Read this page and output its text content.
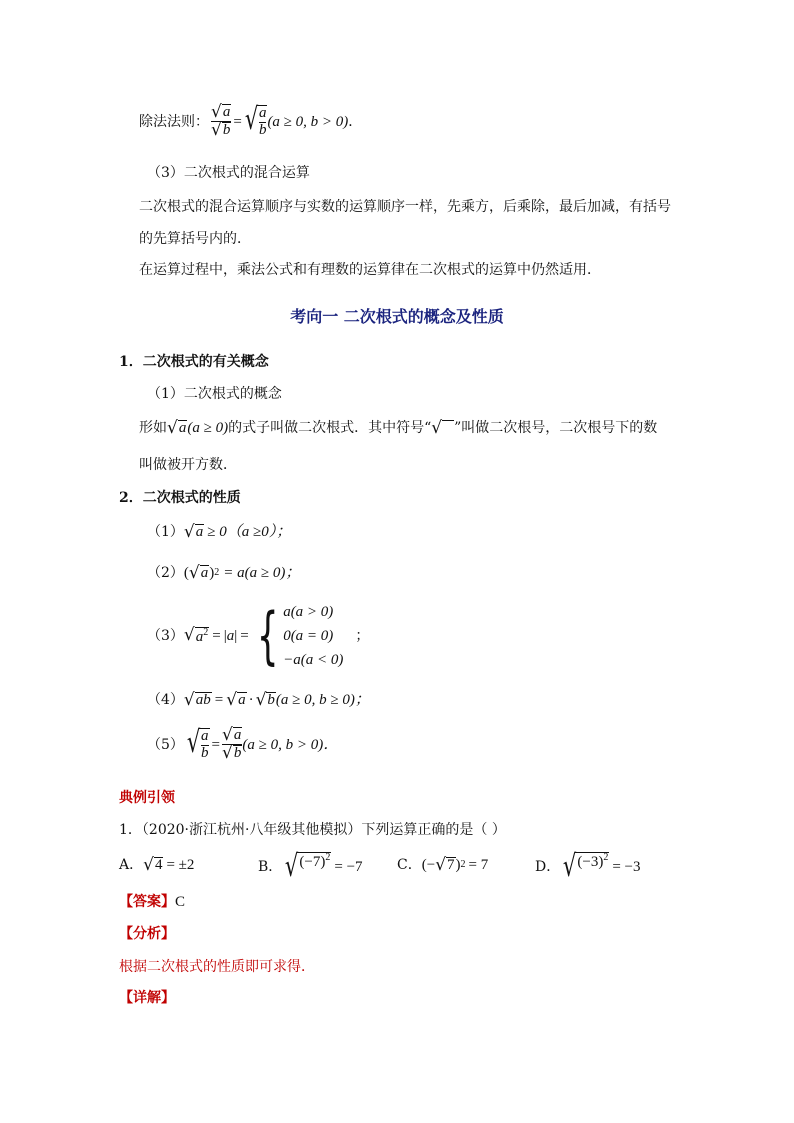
除法法则： $\frac{√ a}{√ b}$ = √ $\frac{a}{b} (a \ge 0$, b > 0) ．
（3）二次根式的混合运算
二次根式的混合运算顺序与实数的运算顺序一样，先乘方，后乘除，最后加减，有括号
的先算括号内的．
在运算过程中，乘法公式和有理数的运算律在二次根式的运算中仍然适用．
考向一 二次根式的概念及性质
1．二次根式的有关概念
（1）二次根式的概念
形如 √ a (a ≥ 0) 的式子叫做二次根式．其中符号“ √ ”叫做二次根号，二次根号下的数
叫做被开方数．
2．二次根式的性质
（1） √ a ≥ 0（a ≥0）；
（2） ( √ a ) 2 = a(a ≥ 0)；
（3） √ $a^2$ = | a | = { a(a > 0)
0(a = 0)
−a(a < 0)
；
（4） √ ab = √ a · √ b (a ≥ 0, b ≥ 0)；
（5） √ $\frac{a}{b} = \frac{√ a}{√ b} (a \ge 0$, b > 0)．
典例引领
1．（2020·浙江杭州·八年级其他模拟）下列运算正确的是（ ）
A． √ 4 = ±2	B． √ $(-7)^2$
= −7 C． (− √ 7 ) 2 = 7	D． √ $(-3)^2$
= −3
【答案】C
【分析】
根据二次根式的性质即可求得．
【详解】
